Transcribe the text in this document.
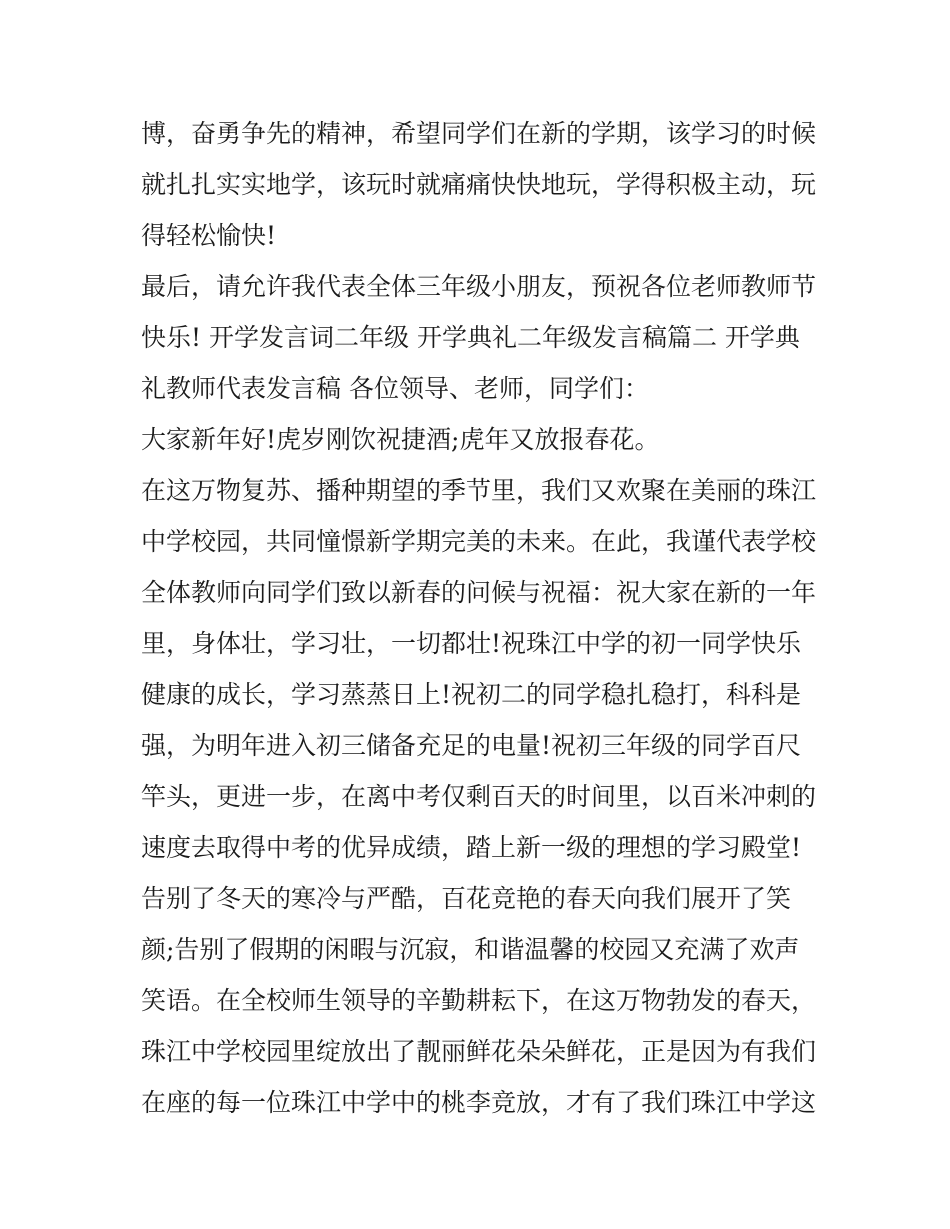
博，奋勇争先的精神，希望同学们在新的学期，该学习的时候
就扎扎实实地学，该玩时就痛痛快快地玩，学得积极主动，玩
得轻松愉快!
最后，请允许我代表全体三年级小朋友，预祝各位老师教师节
快乐! 开学发言词二年级 开学典礼二年级发言稿篇二 开学典
礼教师代表发言稿 各位领导、老师，同学们：
大家新年好!虎岁刚饮祝捷酒;虎年又放报春花。
在这万物复苏、播种期望的季节里，我们又欢聚在美丽的珠江
中学校园，共同憧憬新学期完美的未来。在此，我谨代表学校
全体教师向同学们致以新春的问候与祝福：祝大家在新的一年
里，身体壮，学习壮，一切都壮!祝珠江中学的初一同学快乐
健康的成长，学习蒸蒸日上!祝初二的同学稳扎稳打，科科是
强，为明年进入初三储备充足的电量!祝初三年级的同学百尺
竿头，更进一步，在离中考仅剩百天的时间里，以百米冲刺的
速度去取得中考的优异成绩，踏上新一级的理想的学习殿堂!
告别了冬天的寒冷与严酷，百花竞艳的春天向我们展开了笑
颜;告别了假期的闲暇与沉寂，和谐温馨的校园又充满了欢声
笑语。在全校师生领导的辛勤耕耘下，在这万物勃发的春天，
珠江中学校园里绽放出了靓丽鲜花朵朵鲜花，正是因为有我们
在座的每一位珠江中学中的桃李竞放，才有了我们珠江中学这
